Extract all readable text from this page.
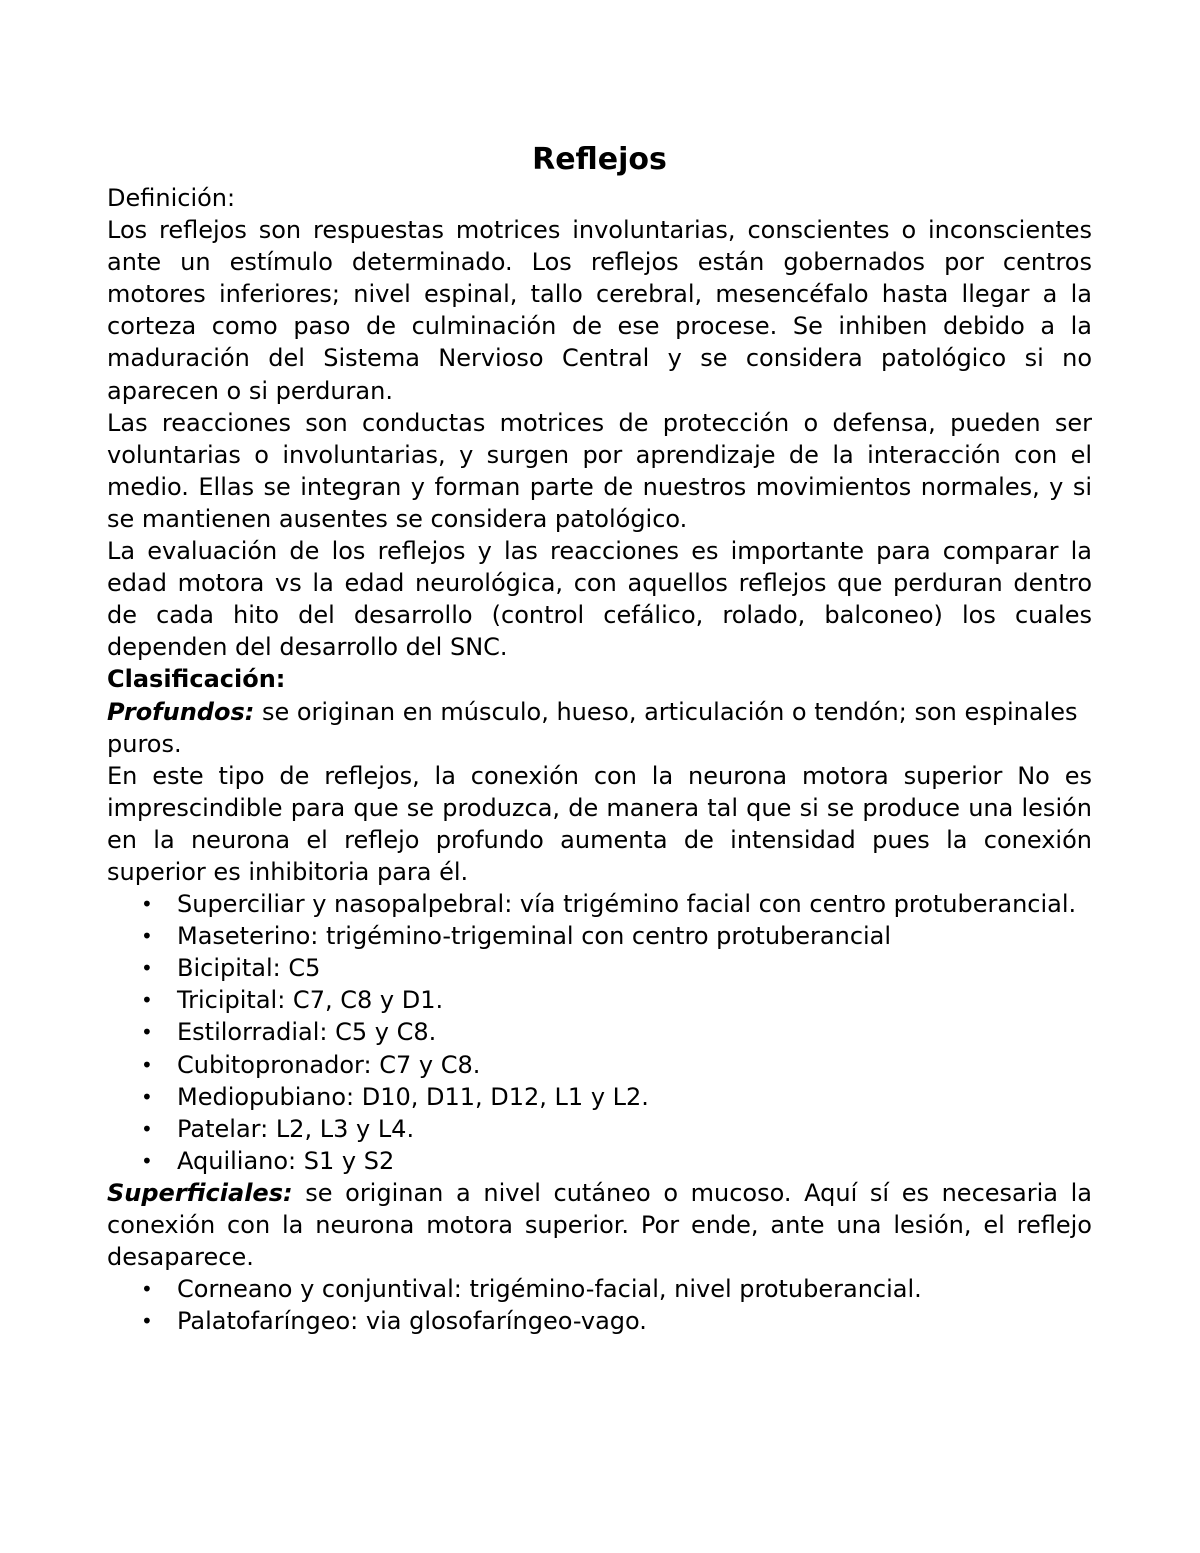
Reflejos

Definición:

Los reflejos son respuestas motrices involuntarias, conscientes o inconscientes ante un estímulo determinado. Los reflejos están gobernados por centros motores inferiores; nivel espinal, tallo cerebral, mesencéfalo hasta llegar a la corteza como paso de culminación de ese procese. Se inhiben debido a la maduración del Sistema Nervioso Central y se considera patológico si no aparecen o si perduran.

Las reacciones son conductas motrices de protección o defensa, pueden ser voluntarias o involuntarias, y surgen por aprendizaje de la interacción con el medio. Ellas se integran y forman parte de nuestros movimientos normales, y si se mantienen ausentes se considera patológico.

La evaluación de los reflejos y las reacciones es importante para comparar la edad motora vs la edad neurológica, con aquellos reflejos que perduran dentro de cada hito del desarrollo (control cefálico, rolado, balconeo) los cuales dependen del desarrollo del SNC.

Clasificación:

Profundos: se originan en músculo, hueso, articulación o tendón; son espinales puros.

En este tipo de reflejos, la conexión con la neurona motora superior No es imprescindible para que se produzca, de manera tal que si se produce una lesión en la neurona el reflejo profundo aumenta de intensidad pues la conexión superior es inhibitoria para él.

• Superciliar y nasopalpebral: vía trigémino facial con centro protuberancial.
• Maseterino: trigémino-trigeminal con centro protuberancial
• Bicipital: C5
• Tricipital: C7, C8 y D1.
• Estilorradial: C5 y C8.
• Cubitopronador: C7 y C8.
• Mediopubiano: D10, D11, D12, L1 y L2.
• Patelar: L2, L3 y L4.
• Aquiliano: S1 y S2

Superficiales: se originan a nivel cutáneo o mucoso. Aquí sí es necesaria la conexión con la neurona motora superior. Por ende, ante una lesión, el reflejo desaparece.

• Corneano y conjuntival: trigémino-facial, nivel protuberancial.
• Palatofaríngeo: via glosofaríngeo-vago.
